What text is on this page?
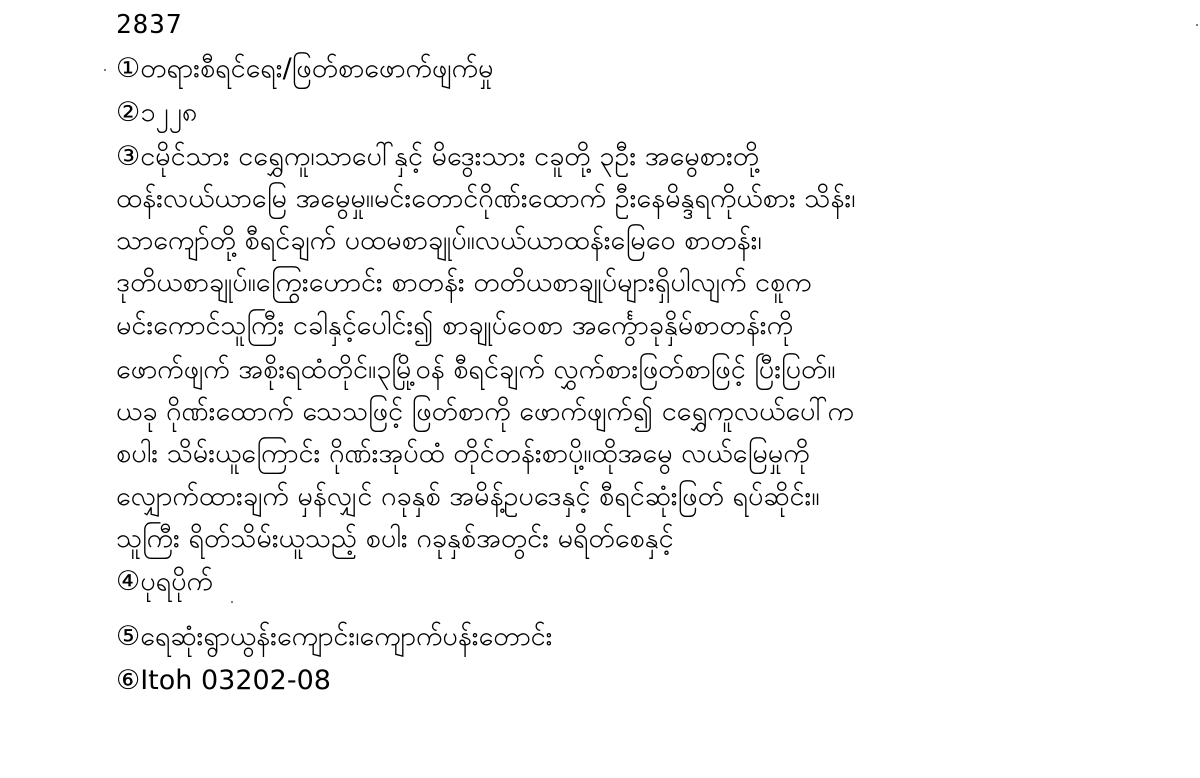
2837
①တရားစီရင်ရေး/ဖြတ်စာဖောက်ဖျက်မှု
②၁၂၂၈
③ငမိုင်သား ငရွှေကူ၊သာပေါ်နှင့် မိဒွေးသား ငခူတို့ ၃ဦး အမွေစားတို့
ထန်းလယ်ယာမြေ အမွေမှု။မင်းတောင်ဂိုဏ်းထောက် ဦးနေမိန္ဒရကိုယ်စား သိန်း၊
သာကျော်တို့ စီရင်ချက် ပထမစာချုပ်။လယ်ယာထန်းမြေဝေ စာတန်း၊
ဒုတိယစာချုပ်။ကြွေးဟောင်း စာတန်း တတိယစာချုပ်များရှိပါလျက် ငစူက
မင်းကောင်သူကြီး ငခါနှင့်ပေါင်း၍ စာချုပ်ဝေစာ အင်္ကွောခုနှိမ်စာတန်းကို
ဖောက်ဖျက် အစိုးရထံတိုင်။၃မြို့ဝန် စီရင်ချက် လွှက်စားဖြတ်စာဖြင့် ပြီးပြတ်။
ယခု ဂိုဏ်းထောက် သေသဖြင့် ဖြတ်စာကို ဖောက်ဖျက်၍ ငရွှေကူလယ်ပေါ်က
စပါး သိမ်းယူကြောင်း ဂိုဏ်းအုပ်ထံ တိုင်တန်းစာပို့။ထိုအမွေ လယ်မြေမှုကို
လျှောက်ထားချက် မှန်လျှင် ဂခုနှစ် အမိန့်ဥပဒေနှင့် စီရင်ဆုံးဖြတ် ရပ်ဆိုင်း။
သူကြီး ရိတ်သိမ်းယူသည့် စပါး ဂခုနှစ်အတွင်း မရိတ်စေနှင့်
④ပုရပိုက်
⑤ရေဆုံးရွာယွန်းကျောင်း၊ကျောက်ပန်းတောင်း
⑥Itoh 03202-08
